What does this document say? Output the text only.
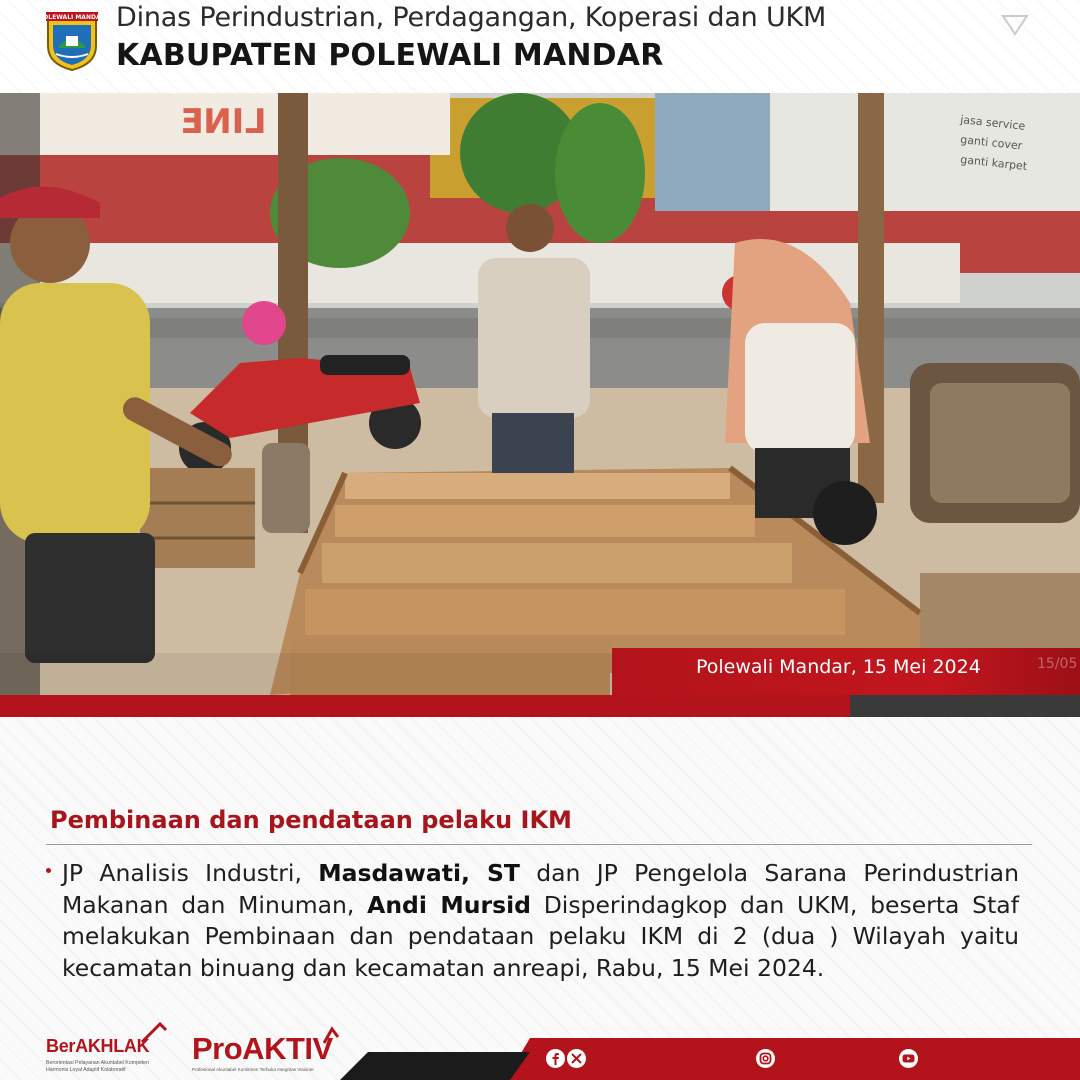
POLEWALI MANDAR Dinas Perindustrian, Perdagangan, Koperasi dan UKM
KABUPATEN POLEWALI MANDAR
ƎИI⅃	jasa service
ganti cover
ganti karpet
Polewali Mandar, 15 Mei 2024	15/05
Pembinaan dan pendataan pelaku IKM
JP Analisis Industri, Masdawati, ST dan JP Pengelola Sarana Perindustrian Makanan dan Minuman, Andi Mursid Disperindagkop dan UKM, beserta Staf melakukan Pembinaan dan pendataan pelaku IKM di 2 (dua ) Wilayah yaitu kecamatan binuang dan kecamatan anreapi, Rabu, 15 Mei 2024.
BerAKHLAK
Berorientasi Pelayanan Akuntabel Kompeten Harmonis Loyal Adaptif Kolaboratif
ProAKTIV
Profesional Akuntabel Komitmen Terbuka Integritas Visioner
